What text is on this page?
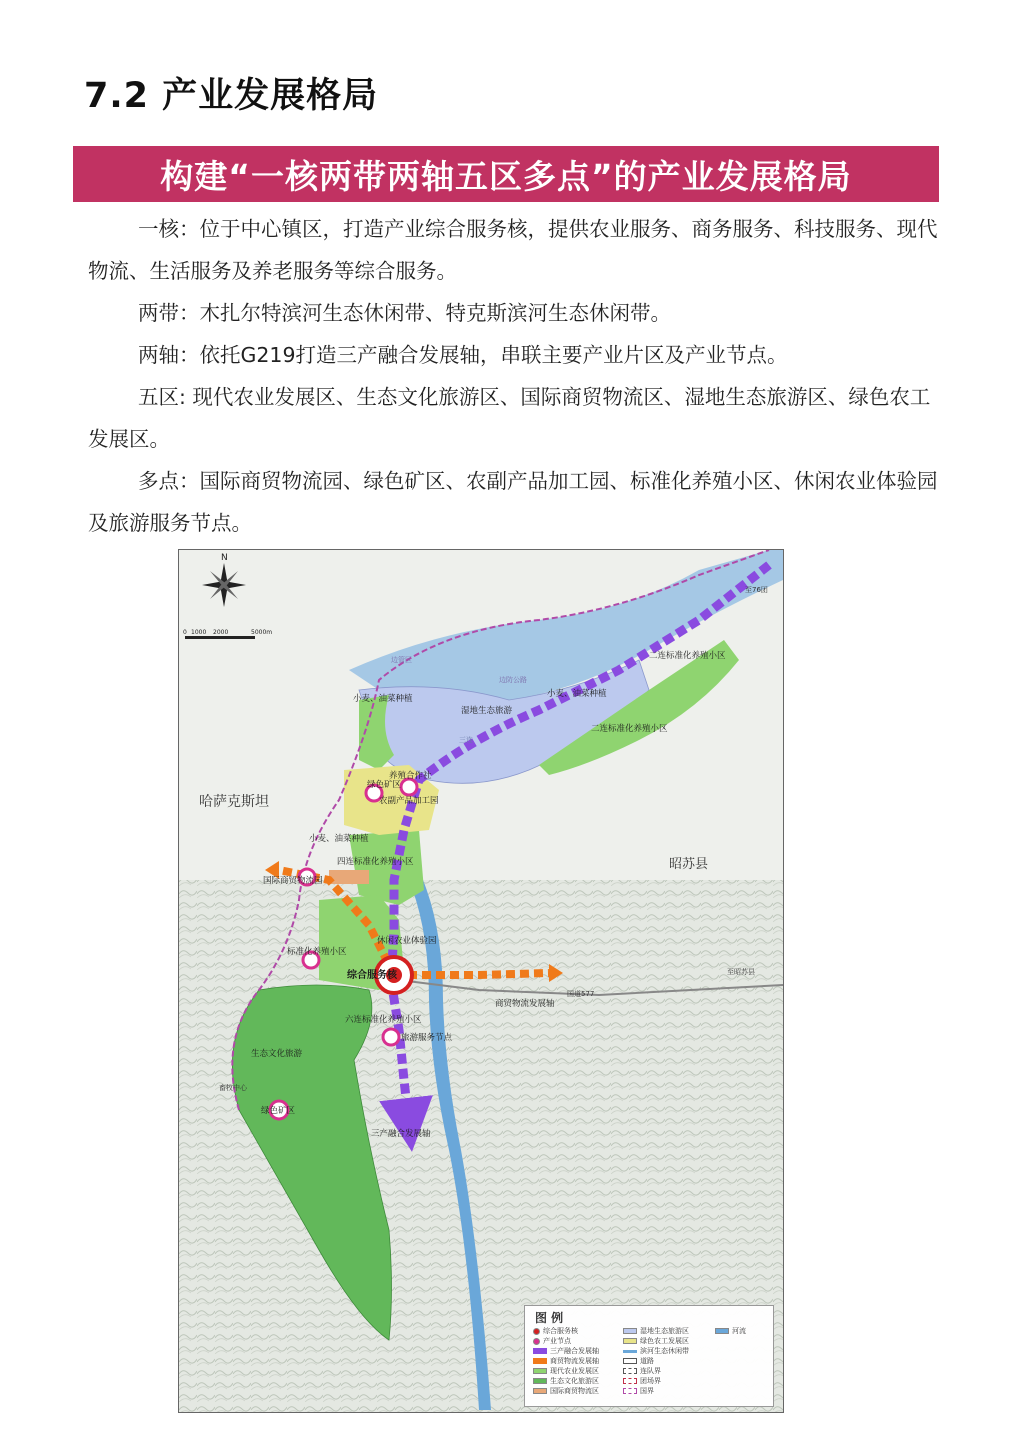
7.2 产业发展格局
构建“一核两带两轴五区多点”的产业发展格局

一核：位于中心镇区，打造产业综合服务核，提供农业服务、商务服务、科技服务、现代物流、生活服务及养老服务等综合服务。

两带：木扎尔特滨河生态休闲带、特克斯滨河生态休闲带。

两轴：依托G219打造三产融合发展轴，串联主要产业片区及产业节点。

五区: 现代农业发展区、生态文化旅游区、国际商贸物流区、湿地生态旅游区、绿色农工发展区。

多点：国际商贸物流园、绿色矿区、农副产品加工园、标准化养殖小区、休闲农业体验园及旅游服务节点。

N
0 1000 2000	5000m
哈萨克斯坦
昭苏县
至76团
至昭苏县
国道577
边管区
边防公路
畜牧中心
三连
小麦、油菜种植
湿地生态旅游
小麦、油菜种植
二连标准化养殖小区
二连标准化养殖小区
养殖合作社
绿色矿区
农副产品加工园
小麦、油菜种植
四连标准化养殖小区
国际商贸物流园
休闲农业体验园
标准化养殖小区
综合服务核
商贸物流发展轴
六连标准化养殖小区
旅游服务节点
生态文化旅游
绿色矿区
三产融合发展轴
图 例
综合服务核
产业节点
三产融合发展轴
商贸物流发展轴
现代农业发展区
生态文化旅游区
国际商贸物流区
湿地生态旅游区
绿色农工发展区
滨河生态休闲带
道路
连队界
团场界
国界
河流
